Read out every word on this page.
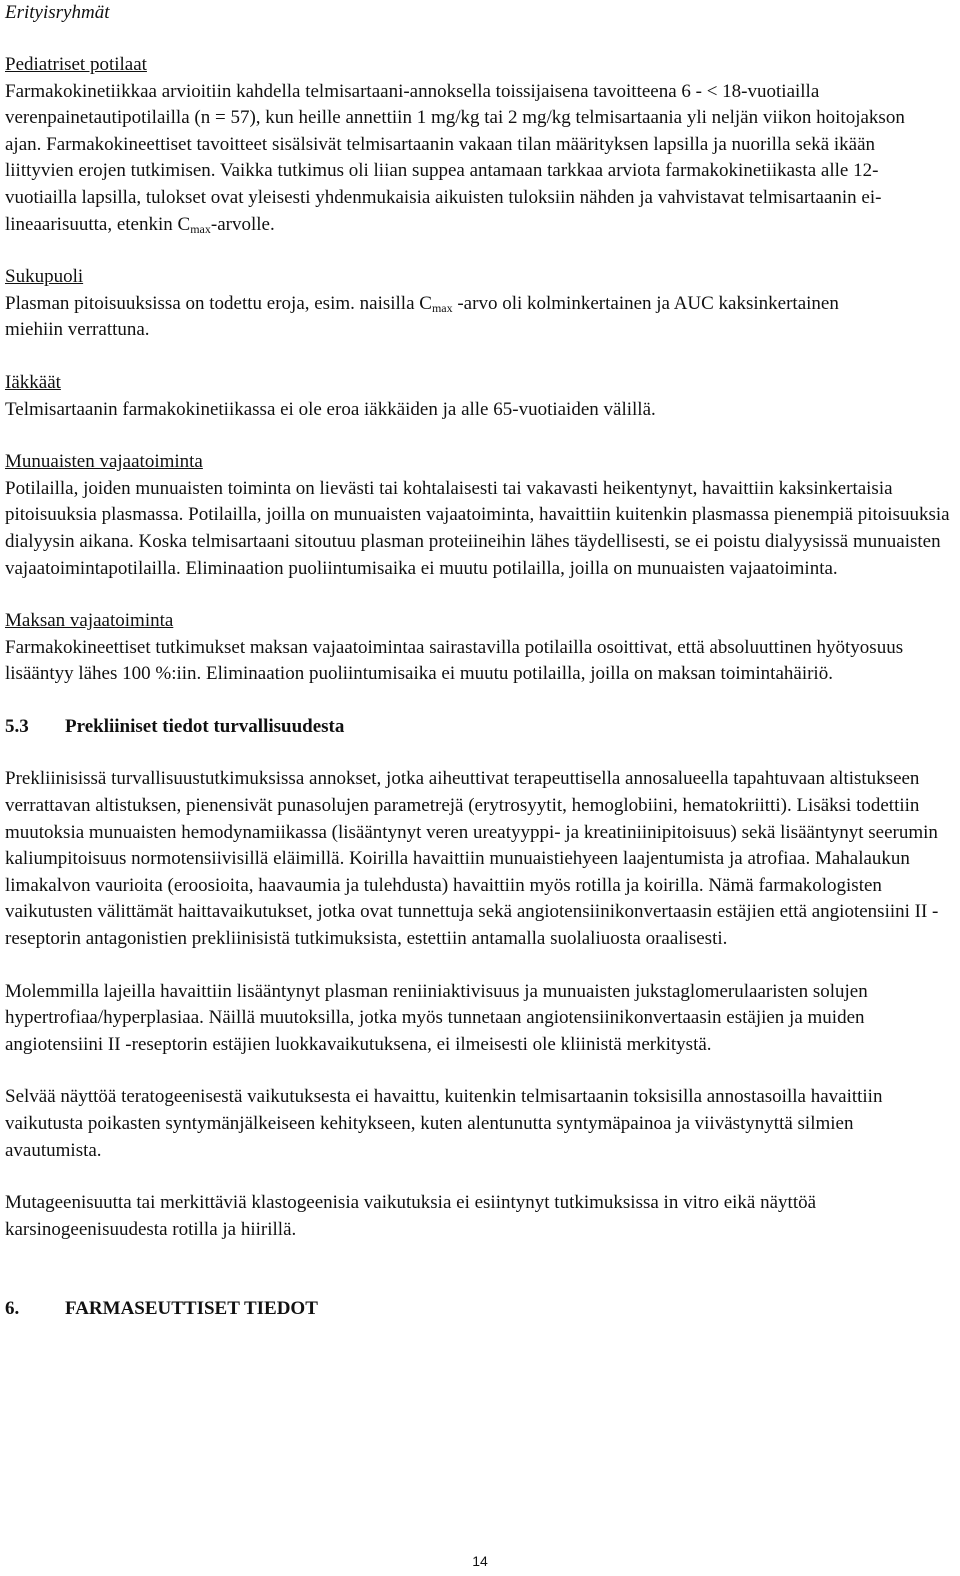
Erityisryhmät

Pediatriset potilaat

Farmakokinetiikkaa arvioitiin kahdella telmisartaani-annoksella toissijaisena tavoitteena 6 - < 18-vuotiailla verenpainetautipotilailla (n = 57), kun heille annettiin 1 mg/kg tai 2 mg/kg telmisartaania yli neljän viikon hoitojakson ajan. Farmakokineettiset tavoitteet sisälsivät telmisartaanin vakaan tilan määrityksen lapsilla ja nuorilla sekä ikään liittyvien erojen tutkimisen. Vaikka tutkimus oli liian suppea antamaan tarkkaa arviota farmakokinetiikasta alle 12-vuotiailla lapsilla, tulokset ovat yleisesti yhdenmukaisia aikuisten tuloksiin nähden ja vahvistavat telmisartaanin ei-lineaarisuutta, etenkin $C_{max}$-arvolle.

Sukupuoli

Plasman pitoisuuksissa on todettu eroja, esim. naisilla $C_{max}$ -arvo oli kolminkertainen ja AUC kaksinkertainen miehiin verrattuna.

Iäkkäät

Telmisartaanin farmakokinetiikassa ei ole eroa iäkkäiden ja alle 65-vuotiaiden välillä.

Munuaisten vajaatoiminta

Potilailla, joiden munuaisten toiminta on lievästi tai kohtalaisesti tai vakavasti heikentynyt, havaittiin kaksinkertaisia pitoisuuksia plasmassa. Potilailla, joilla on munuaisten vajaatoiminta, havaittiin kuitenkin plasmassa pienempiä pitoisuuksia dialyysin aikana. Koska telmisartaani sitoutuu plasman proteiineihin lähes täydellisesti, se ei poistu dialyysissä munuaisten vajaatoimintapotilailla. Eliminaation puoliintumisaika ei muutu potilailla, joilla on munuaisten vajaatoiminta.

Maksan vajaatoiminta

Farmakokineettiset tutkimukset maksan vajaatoimintaa sairastavilla potilailla osoittivat, että absoluuttinen hyötyosuus lisääntyy lähes 100 %:iin. Eliminaation puoliintumisaika ei muutu potilailla, joilla on maksan toimintahäiriö.

5.3	Prekliiniset tiedot turvallisuudesta

Prekliinisissä turvallisuustutkimuksissa annokset, jotka aiheuttivat terapeuttisella annosalueella tapahtuvaan altistukseen verrattavan altistuksen, pienensivät punasolujen parametrejä (erytrosyytit, hemoglobiini, hematokriitti). Lisäksi todettiin muutoksia munuaisten hemodynamiikassa (lisääntynyt veren ureatyyppi- ja kreatiniinipitoisuus) sekä lisääntynyt seerumin kaliumpitoisuus normotensiivisillä eläimillä. Koirilla havaittiin munuaistiehyeen laajentumista ja atrofiaa. Mahalaukun limakalvon vaurioita (eroosioita, haavaumia ja tulehdusta) havaittiin myös rotilla ja koirilla. Nämä farmakologisten vaikutusten välittämät haittavaikutukset, jotka ovat tunnettuja sekä angiotensiinikonvertaasin estäjien että angiotensiini II -reseptorin antagonistien prekliinisistä tutkimuksista, estettiin antamalla suolaliuosta oraalisesti.

Molemmilla lajeilla havaittiin lisääntynyt plasman reniiniaktivisuus ja munuaisten jukstaglomerulaaristen solujen hypertrofiaa/hyperplasiaa. Näillä muutoksilla, jotka myös tunnetaan angiotensiinikonvertaasin estäjien ja muiden angiotensiini II -reseptorin estäjien luokkavaikutuksena, ei ilmeisesti ole kliinistä merkitystä.

Selvää näyttöä teratogeenisestä vaikutuksesta ei havaittu, kuitenkin telmisartaanin toksisilla annostasoilla havaittiin vaikutusta poikasten syntymänjälkeiseen kehitykseen, kuten alentunutta syntymäpainoa ja viivästynyttä silmien avautumista.

Mutageenisuutta tai merkittäviä klastogeenisia vaikutuksia ei esiintynyt tutkimuksissa in vitro eikä näyttöä karsinogeenisuudesta rotilla ja hiirillä.

6.	FARMASEUTTISET TIEDOT

14
